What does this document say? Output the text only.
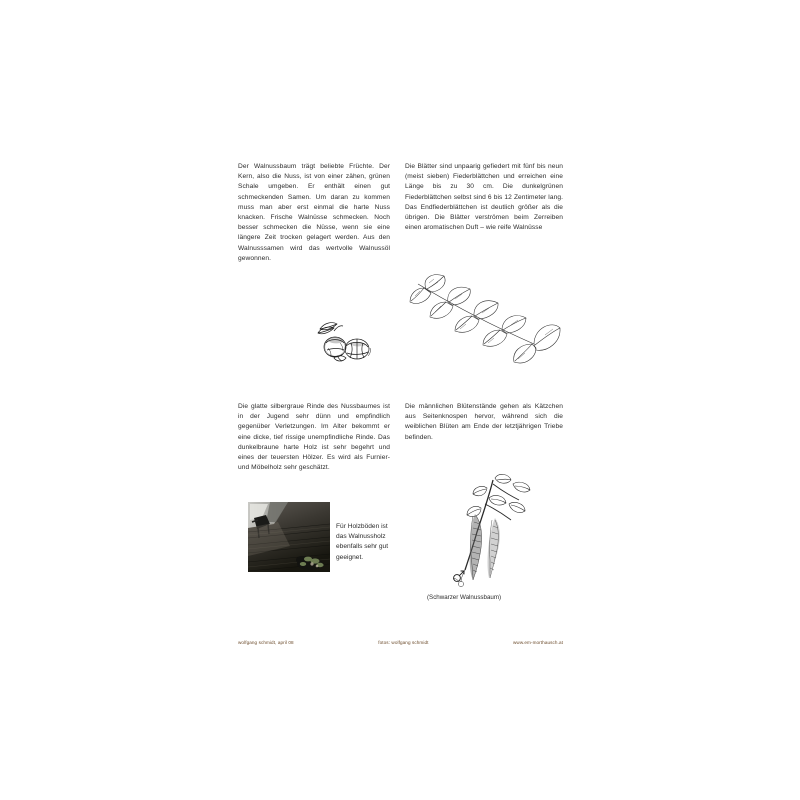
Der Walnussbaum trägt beliebte Früchte. Der Kern, also die Nuss, ist von einer zähen, grünen Schale umgeben. Er enthält einen gut schmeckenden Samen. Um daran zu kommen muss man aber erst einmal die harte Nuss knacken. Frische Walnüsse schmecken. Noch besser schmecken die Nüsse, wenn sie eine längere Zeit trocken gelagert werden. Aus den Walnusssamen wird das wertvolle Walnussöl gewonnen.

Die Blätter sind unpaarig gefiedert mit fünf bis neun (meist sieben) Fiederblättchen und erreichen eine Länge bis zu 30 cm. Die dunkelgrünen Fiederblättchen selbst sind 6 bis 12 Zentimeter lang. Das Endfiederblättchen ist deutlich größer als die übrigen. Die Blätter verströmen beim Zerreiben einen aromatischen Duft – wie reife Walnüsse

Die glatte silbergraue Rinde des Nussbaumes ist in der Jugend sehr dünn und empfindlich gegenüber Verletzungen. Im Alter bekommt er eine dicke, tief rissige unempfindliche Rinde. Das dunkelbraune harte Holz ist sehr begehrt und eines der teuersten Hölzer. Es wird als Furnier- und Möbelholz sehr geschätzt.

Für Holzböden ist das Walnussholz ebenfalls sehr gut geeignet.

Die männlichen Blütenstände gehen als Kätzchen aus Seitenknospen hervor, während sich die weiblichen Blüten am Ende der letztjährigen Triebe befinden.

(Schwarzer Walnussbaum)
wolfgang schmidt, april 08	fotos: wolfgang schmidt	www.em-morthausch.at
